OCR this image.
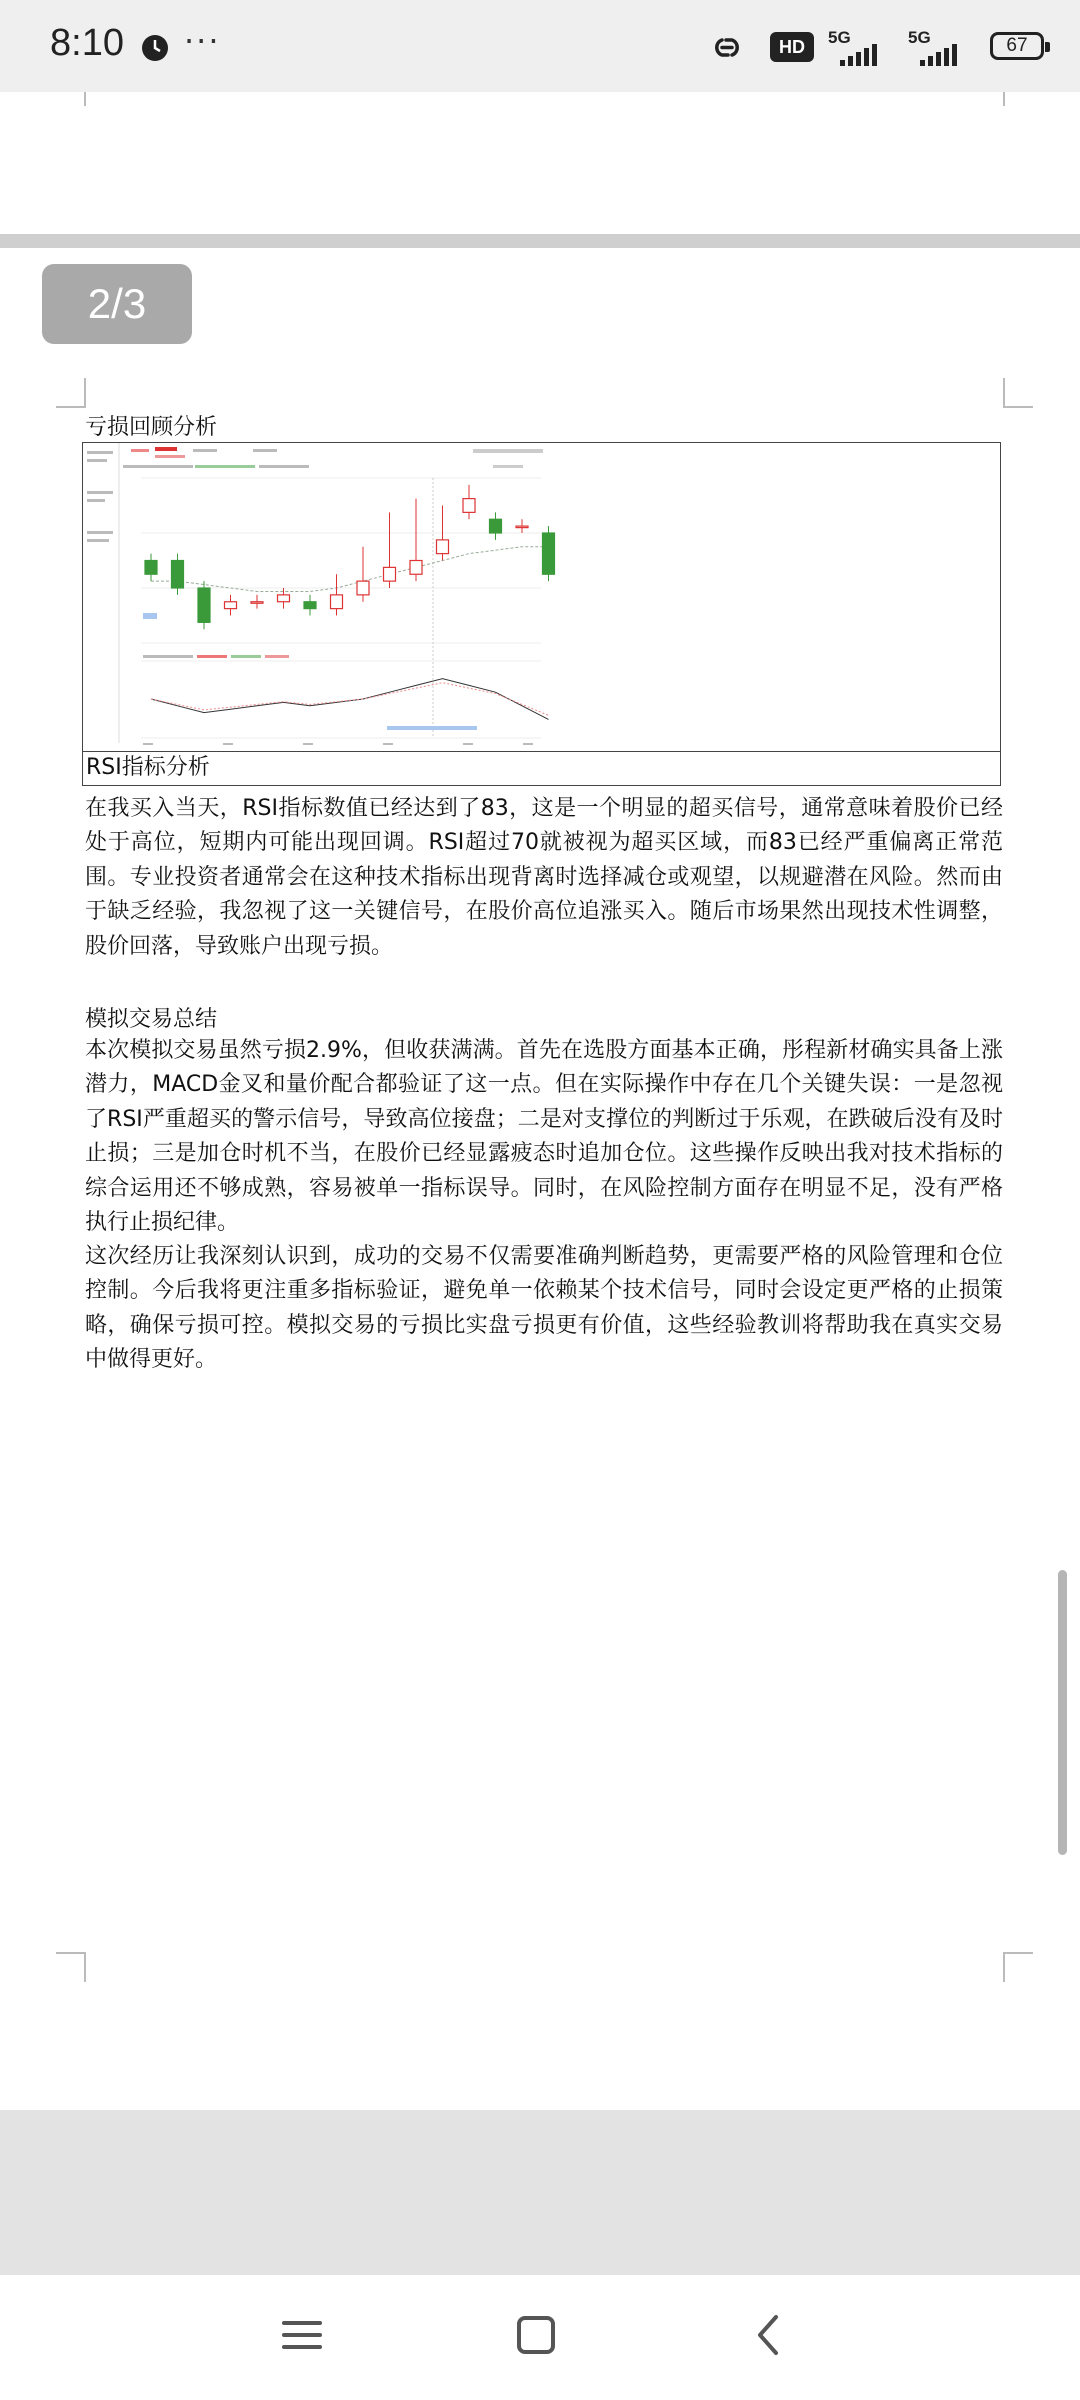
8:10 ···	HD	5G	5G	67
2/3
亏损回顾分析
RSI指标分析

在我买入当天，RSI指标数值已经达到了83，这是一个明显的超买信号，通常意味着股价已经处于高位，短期内可能出现回调。RSI超过70就被视为超买区域，而83已经严重偏离正常范围。专业投资者通常会在这种技术指标出现背离时选择减仓或观望，以规避潜在风险。然而由于缺乏经验，我忽视了这一关键信号，在股价高位追涨买入。随后市场果然出现技术性调整，股价回落，导致账户出现亏损。

模拟交易总结

本次模拟交易虽然亏损2.9%，但收获满满。首先在选股方面基本正确，彤程新材确实具备上涨潜力，MACD金叉和量价配合都验证了这一点。但在实际操作中存在几个关键失误：一是忽视了RSI严重超买的警示信号，导致高位接盘；二是对支撑位的判断过于乐观，在跌破后没有及时止损；三是加仓时机不当，在股价已经显露疲态时追加仓位。这些操作反映出我对技术指标的综合运用还不够成熟，容易被单一指标误导。同时，在风险控制方面存在明显不足，没有严格执行止损纪律。

这次经历让我深刻认识到，成功的交易不仅需要准确判断趋势，更需要严格的风险管理和仓位控制。今后我将更注重多指标验证，避免单一依赖某个技术信号，同时会设定更严格的止损策略，确保亏损可控。模拟交易的亏损比实盘亏损更有价值，这些经验教训将帮助我在真实交易中做得更好。
